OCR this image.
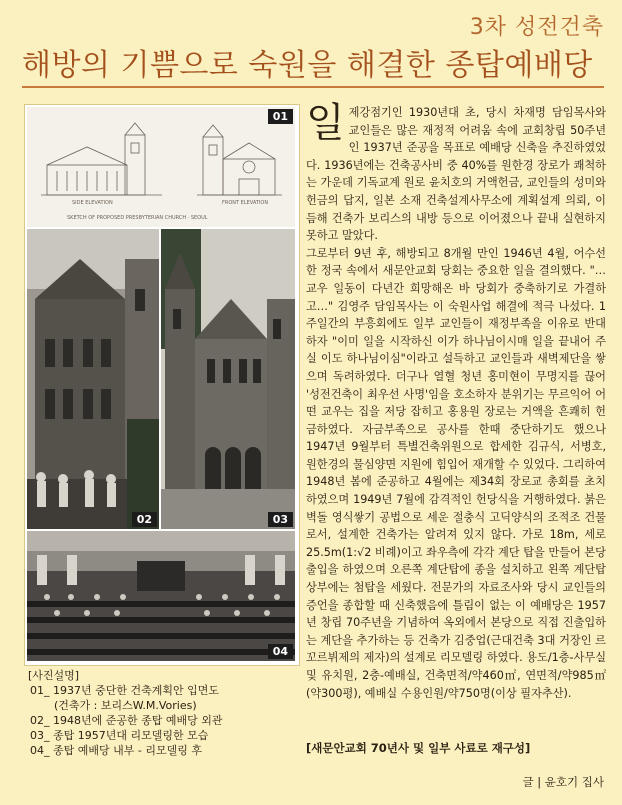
3차 성전건축
해방의 기쁨으로 숙원을 해결한 종탑예배당
SIDE ELEVATION	FRONT ELEVATION
SKETCH OF PROPOSED PRESBYTERIAN CHURCH · SEOUL
01
02	03
04
[사진설명]
01_ 1937년 중단한 건축계획안 입면도
(건축가 : 보리스W.M.Vories)
02_ 1948년에 준공한 종탑 예배당 외관
03_ 종탑 1957년대 리모델링한 모습
04_ 종탑 예배당 내부 - 리모델링 후
일 제강점기인 1930년대 초, 당시 차재명 담임목사와 교인들은 많은 재정적 어려움 속에 교회창립 50주년인 1937년 준공을 목표로 예배당 신축을 추진하였었다. 1936년에는 건축공사비 중 40%를 원한경 장로가 쾌척하는 가운데 기독교계 원로 윤치호의 거액헌금, 교인들의 성미와 헌금의 답지, 일본 소재 건축설계사무소에 계획설계 의뢰, 이듬해 건축가 보리스의 내방 등으로 이어졌으나 끝내 실현하지 못하고 말았다.

그로부터 9년 후, 해방되고 8개월 만인 1946년 4월, 어수선한 정국 속에서 새문안교회 당회는 중요한 일을 결의했다. "…교우 일동이 다년간 희망해온 바 당회가 중축하기로 가결하고…" 김영주 담임목사는 이 숙원사업 해결에 적극 나섰다. 1주일간의 부흥회에도 일부 교인들이 재정부족을 이유로 반대하자 "이미 일을 시작하신 이가 하나님이시매 일을 끝내어 주실 이도 하나님이심"이라고 설득하고 교인들과 새벽제단을 쌓으며 독려하였다. 더구나 열혈 청년 홍미현이 무명지를 끊어 '성전건축이 최우선 사명'임을 호소하자 분위기는 무르익어 어떤 교우는 집을 저당 잡히고 홍용원 장로는 거액을 흔쾌히 헌금하였다. 자금부족으로 공사를 한때 중단하기도 했으나 1947년 9월부터 특별건축위원으로 합세한 김규식, 서병호, 원한경의 물심양면 지원에 힘입어 재개할 수 있었다. 그리하여 1948년 봄에 준공하고 4월에는 제34회 장로교 총회를 초치하였으며 1949년 7월에 감격적인 헌당식을 거행하였다. 붉은벽돌 영식쌓기 공법으로 세운 절충식 고딕양식의 조적조 건물로서, 설계한 건축가는 알려져 있지 않다. 가로 18m, 세로 25.5m(1:√2 비례)이고 좌우측에 각각 계단 탑을 만들어 본당 출입을 하였으며 오른쪽 계단탑에 종을 설치하고 왼쪽 계단탑 상부에는 첨탑을 세웠다. 전문가의 자료조사와 당시 교인들의 증언을 종합할 때 신축했음에 틀림이 없는 이 예배당은 1957년 창립 70주년을 기념하여 옥외에서 본당으로 직접 진출입하는 계단을 추가하는 등 건축가 김중업(근대건축 3대 거장인 르 꼬르뷔제의 제자)의 설계로 리모델링 하였다. 용도/1층-사무실 및 유치원, 2층-예배실, 건축면적/약460㎡, 연면적/약985㎡(약300평), 예배실 수용인원/약750명(이상 필자추산).

[새문안교회 70년사 및 일부 사료로 재구성]
글 | 윤호기 집사
